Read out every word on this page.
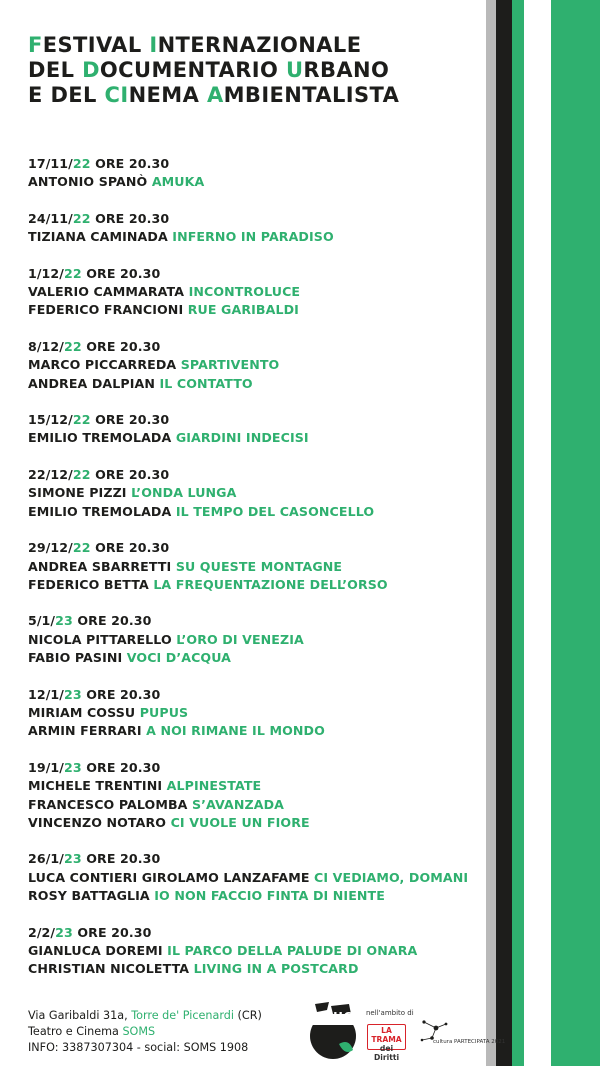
FESTIVAL INTERNAZIONALE
DEL DOCUMENTARIO URBANO
E DEL CINEMA AMBIENTALISTA
17/11/22 ORE 20.30
ANTONIO SPANÒ AMUKA
24/11/22 ORE 20.30
TIZIANA CAMINADA INFERNO IN PARADISO
1/12/22 ORE 20.30
VALERIO CAMMARATA INCONTROLUCE
FEDERICO FRANCIONI RUE GARIBALDI
8/12/22 ORE 20.30
MARCO PICCARREDA SPARTIVENTO
ANDREA DALPIAN IL CONTATTO
15/12/22 ORE 20.30
EMILIO TREMOLADA GIARDINI INDECISI
22/12/22 ORE 20.30
SIMONE PIZZI L’ONDA LUNGA
EMILIO TREMOLADA IL TEMPO DEL CASONCELLO
29/12/22 ORE 20.30
ANDREA SBARRETTI SU QUESTE MONTAGNE
FEDERICO BETTA LA FREQUENTAZIONE DELL’ORSO
5/1/23 ORE 20.30
NICOLA PITTARELLO L’ORO DI VENEZIA
FABIO PASINI VOCI D’ACQUA
12/1/23 ORE 20.30
MIRIAM COSSU PUPUS
ARMIN FERRARI A NOI RIMANE IL MONDO
19/1/23 ORE 20.30
MICHELE TRENTINI ALPINESTATE
FRANCESCO PALOMBA S’AVANZADA
VINCENZO NOTARO CI VUOLE UN FIORE
26/1/23 ORE 20.30
LUCA CONTIERI GIROLAMO LANZAFAME CI VEDIAMO, DOMANI
ROSY BATTAGLIA IO NON FACCIO FINTA DI NIENTE
2/2/23 ORE 20.30
GIANLUCA DOREMI IL PARCO DELLA PALUDE DI ONARA
CHRISTIAN NICOLETTA LIVING IN A POSTCARD
Via Garibaldi 31a, Torre de' Picenardi (CR)
Teatro e Cinema SOMS
INFO: 3387307304 - social: SOMS 1908
FIDUCIA
nell'ambito di
LA TRAMA
dei Diritti
cultura PARTECIPATA 2021
